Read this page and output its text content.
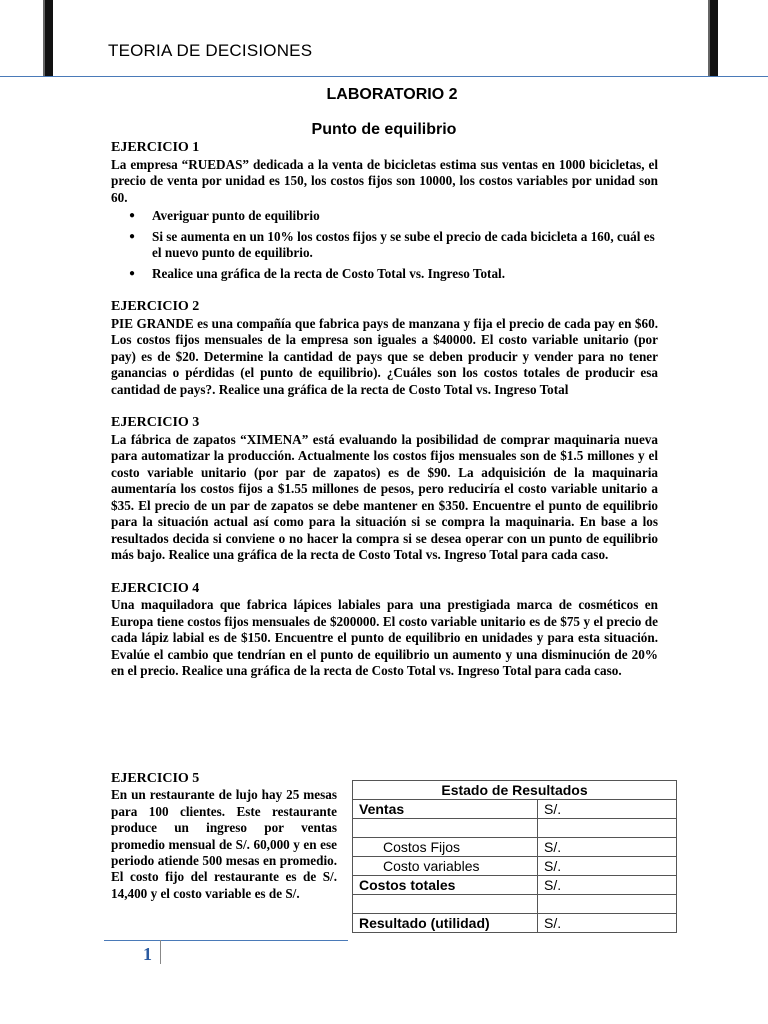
TEORIA DE DECISIONES
LABORATORIO 2
Punto de equilibrio

EJERCICIO 1

La empresa “RUEDAS” dedicada a la venta de bicicletas estima sus ventas en 1000 bicicletas, el precio de venta por unidad es 150, los costos fijos son 10000, los costos variables por unidad son 60.

● Averiguar punto de equilibrio
● Si se aumenta en un 10% los costos fijos y se sube el precio de cada bicicleta a 160, cuál es el nuevo punto de equilibrio.
● Realice una gráfica de la recta de Costo Total vs. Ingreso Total.

EJERCICIO 2

PIE GRANDE es una compañía que fabrica pays de manzana y fija el precio de cada pay en $60. Los costos fijos mensuales de la empresa son iguales a $40000. El costo variable unitario (por pay) es de $20. Determine la cantidad de pays que se deben producir y vender para no tener ganancias o pérdidas (el punto de equilibrio). ¿Cuáles son los costos totales de producir esa cantidad de pays?. Realice una gráfica de la recta de Costo Total vs. Ingreso Total

EJERCICIO 3

La fábrica de zapatos “XIMENA” está evaluando la posibilidad de comprar maquinaria nueva para automatizar la producción. Actualmente los costos fijos mensuales son de $1.5 millones y el costo variable unitario (por par de zapatos) es de $90. La adquisición de la maquinaria aumentaría los costos fijos a $1.55 millones de pesos, pero reduciría el costo variable unitario a $35. El precio de un par de zapatos se debe mantener en $350. Encuentre el punto de equilibrio para la situación actual así como para la situación si se compra la maquinaria. En base a los resultados decida si conviene o no hacer la compra si se desea operar con un punto de equilibrio más bajo. Realice una gráfica de la recta de Costo Total vs. Ingreso Total para cada caso.

EJERCICIO 4

Una maquiladora que fabrica lápices labiales para una prestigiada marca de cosméticos en Europa tiene costos fijos mensuales de $200000. El costo variable unitario es de $75 y el precio de cada lápiz labial es de $150. Encuentre el punto de equilibrio en unidades y para esta situación. Evalúe el cambio que tendrían en el punto de equilibrio un aumento y una disminución de 20% en el precio. Realice una gráfica de la recta de Costo Total vs. Ingreso Total para cada caso.

EJERCICIO 5

En un restaurante de lujo hay 25 mesas para 100 clientes. Este restaurante produce un ingreso por ventas promedio mensual de S/. 60,000 y en ese periodo atiende 500 mesas en promedio. El costo fijo del restaurante es de S/. 14,400 y el costo variable es de S/.

Estado de Resultados	
Ventas	S/.

Costos Fijos	S/.
Costo variables	S/.
Costos totales	S/.

Resultado (utilidad)	S/.
1
